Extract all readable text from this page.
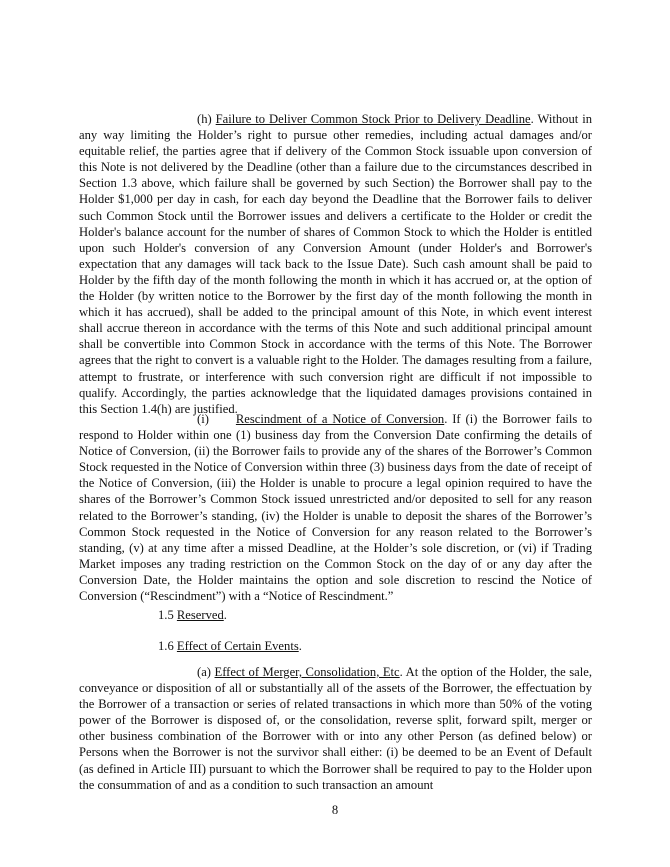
(h) Failure to Deliver Common Stock Prior to Delivery Deadline. Without in any way limiting the Holder’s right to pursue other remedies, including actual damages and/or equitable relief, the parties agree that if delivery of the Common Stock issuable upon conversion of this Note is not delivered by the Deadline (other than a failure due to the circumstances described in Section 1.3 above, which failure shall be governed by such Section) the Borrower shall pay to the Holder $1,000 per day in cash, for each day beyond the Deadline that the Borrower fails to deliver such Common Stock until the Borrower issues and delivers a certificate to the Holder or credit the Holder's balance account for the number of shares of Common Stock to which the Holder is entitled upon such Holder's conversion of any Conversion Amount (under Holder's and Borrower's expectation that any damages will tack back to the Issue Date). Such cash amount shall be paid to Holder by the fifth day of the month following the month in which it has accrued or, at the option of the Holder (by written notice to the Borrower by the first day of the month following the month in which it has accrued), shall be added to the principal amount of this Note, in which event interest shall accrue thereon in accordance with the terms of this Note and such additional principal amount shall be convertible into Common Stock in accordance with the terms of this Note. The Borrower agrees that the right to convert is a valuable right to the Holder. The damages resulting from a failure, attempt to frustrate, or interference with such conversion right are difficult if not impossible to qualify. Accordingly, the parties acknowledge that the liquidated damages provisions contained in this Section 1.4(h) are justified.

(i) Rescindment of a Notice of Conversion. If (i) the Borrower fails to respond to Holder within one (1) business day from the Conversion Date confirming the details of Notice of Conversion, (ii) the Borrower fails to provide any of the shares of the Borrower’s Common Stock requested in the Notice of Conversion within three (3) business days from the date of receipt of the Notice of Conversion, (iii) the Holder is unable to procure a legal opinion required to have the shares of the Borrower’s Common Stock issued unrestricted and/or deposited to sell for any reason related to the Borrower’s standing, (iv) the Holder is unable to deposit the shares of the Borrower’s Common Stock requested in the Notice of Conversion for any reason related to the Borrower’s standing, (v) at any time after a missed Deadline, at the Holder’s sole discretion, or (vi) if Trading Market imposes any trading restriction on the Common Stock on the day of or any day after the Conversion Date, the Holder maintains the option and sole discretion to rescind the Notice of Conversion (“Rescindment”) with a “Notice of Rescindment.”

1.5 Reserved.

1.6 Effect of Certain Events.

(a) Effect of Merger, Consolidation, Etc. At the option of the Holder, the sale, conveyance or disposition of all or substantially all of the assets of the Borrower, the effectuation by the Borrower of a transaction or series of related transactions in which more than 50% of the voting power of the Borrower is disposed of, or the consolidation, reverse split, forward spilt, merger or other business combination of the Borrower with or into any other Person (as defined below) or Persons when the Borrower is not the survivor shall either: (i) be deemed to be an Event of Default (as defined in Article III) pursuant to which the Borrower shall be required to pay to the Holder upon the consummation of and as a condition to such transaction an amount

8
